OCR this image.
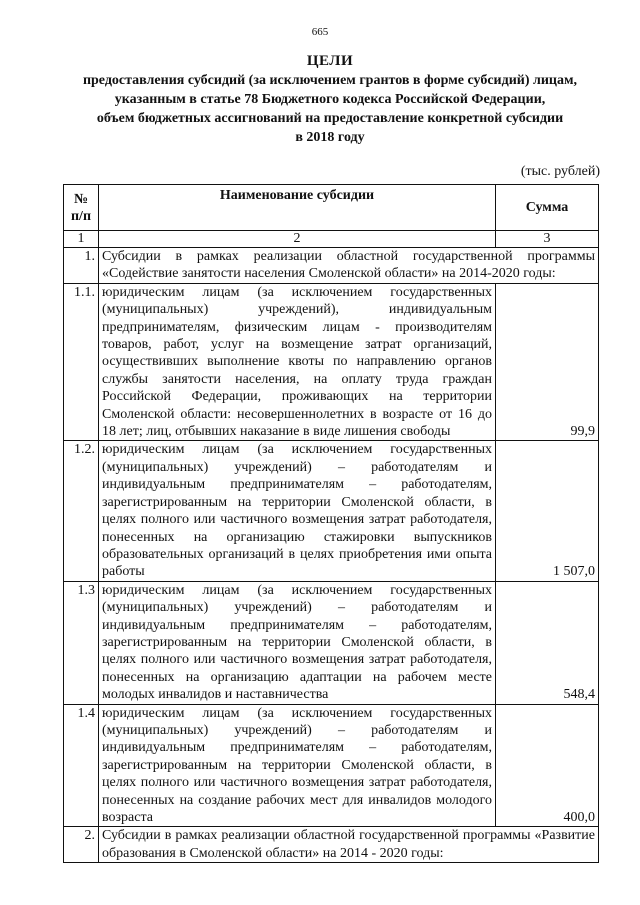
665
ЦЕЛИ
предоставления субсидий (за исключением грантов в форме субсидий) лицам,
указанным в статье 78 Бюджетного кодекса Российской Федерации,
объем бюджетных ассигнований на предоставление конкретной субсидии
в 2018 году
(тыс. рублей)
№ п/п	Наименование субсидии	Сумма
1	2	3
1.	Субсидии в рамках реализации областной государственной программы «Содействие занятости населения Смоленской области» на 2014-2020 годы:	
1.1.	юридическим лицам (за исключением государственных (муниципальных) учреждений), индивидуальным предпринимателям, физическим лицам - производителям товаров, работ, услуг на возмещение затрат организаций, осуществивших выполнение квоты по направлению органов службы занятости населения, на оплату труда граждан Российской Федерации, проживающих на территории Смоленской области: несовершеннолетних в возрасте от 16 до 18 лет; лиц, отбывших наказание в виде лишения свободы	99,9
1.2.	юридическим лицам (за исключением государственных (муниципальных) учреждений) – работодателям и индивидуальным предпринимателям – работодателям, зарегистрированным на территории Смоленской области, в целях полного или частичного возмещения затрат работодателя, понесенных на организацию стажировки выпускников образовательных организаций в целях приобретения ими опыта работы	1 507,0
1.3	юридическим лицам (за исключением государственных (муниципальных) учреждений) – работодателям и индивидуальным предпринимателям – работодателям, зарегистрированным на территории Смоленской области, в целях полного или частичного возмещения затрат работодателя, понесенных на организацию адаптации на рабочем месте молодых инвалидов и наставничества	548,4
1.4	юридическим лицам (за исключением государственных (муниципальных) учреждений) – работодателям и индивидуальным предпринимателям – работодателям, зарегистрированным на территории Смоленской области, в целях полного или частичного возмещения затрат работодателя, понесенных на создание рабочих мест для инвалидов молодого возраста	400,0
2.	Субсидии в рамках реализации областной государственной программы «Развитие образования в Смоленской области» на 2014 - 2020 годы:	
